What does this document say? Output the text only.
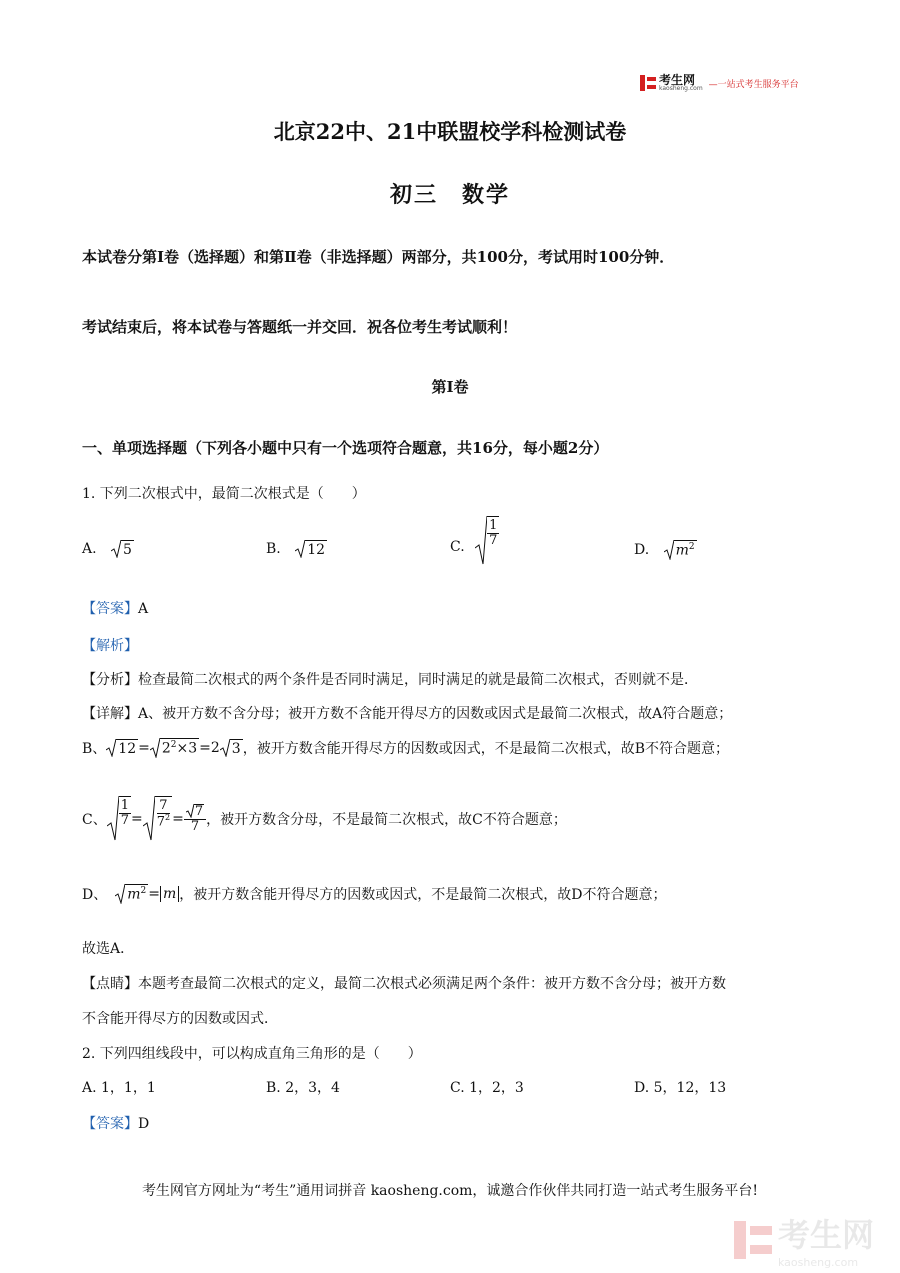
考生网
kaosheng.com —一站式考生服务平台
北京22中、21中联盟校学科检测试卷
初三　数学
本试卷分第Ⅰ卷（选择题）和第Ⅱ卷（非选择题）两部分，共100分，考试用时100分钟．
考试结束后，将本试卷与答题纸一并交回．祝各位考生考试顺利！
第Ⅰ卷
一、单项选择题（下列各小题中只有一个选项符合题意，共16分，每小题2分）
1. 下列二次根式中，最简二次根式是（　　）
A. 5	B. 12	C. $\frac{1}{7}$
D. $m^2$
【答案】A
【解析】
【分析】检查最简二次根式的两个条件是否同时满足，同时满足的就是最简二次根式，否则就不是．
【详解】A、被开方数不含分母；被开方数不含能开得尽方的因数或因式是最简二次根式，故A符合题意；
B、 $12 = 2^2\times 3 =2$ 3 ，被开方数含能开得尽方的因数或因式，不是最简二次根式，故B不符合题意；
C、 $\frac{1}{7} = \frac{7}{7^2} = \frac{7}{7}$ ，被开方数含分母，不是最简二次根式，故C不符合题意；
D、 $m^2 = m$ ，被开方数含能开得尽方的因数或因式，不是最简二次根式，故D不符合题意；
故选A．
【点睛】本题考查最简二次根式的定义，最简二次根式必须满足两个条件：被开方数不含分母；被开方数
不含能开得尽方的因数或因式．
2. 下列四组线段中，可以构成直角三角形的是（　　）
A. 1，1，1	B. 2，3，4	C. 1，2，3	D. 5，12，13
【答案】D
考生网官方网址为“考生”通用词拼音 kaosheng.com，诚邀合作伙伴共同打造一站式考生服务平台!
考生网
kaosheng.com
